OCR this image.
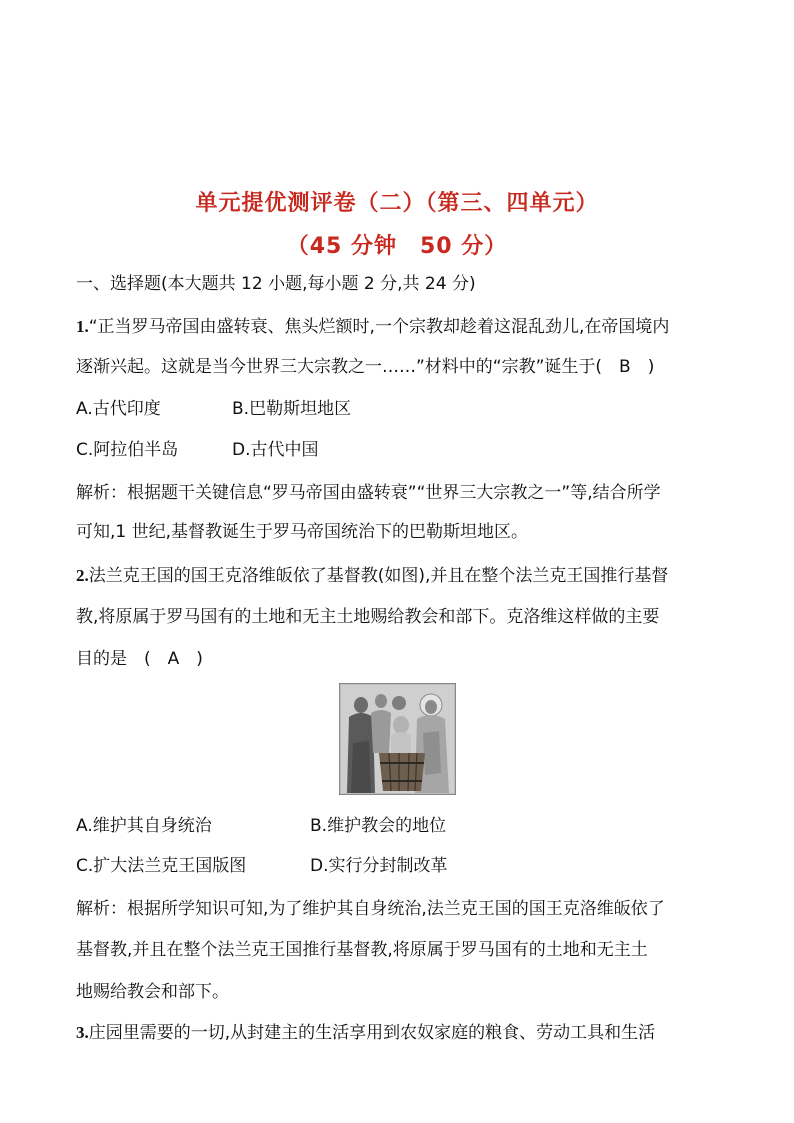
单元提优测评卷（二）（第三、四单元）
（45 分钟　50 分）
一、选择题(本大题共 12 小题,每小题 2 分,共 24 分)
1.“正当罗马帝国由盛转衰、焦头烂额时,一个宗教却趁着这混乱劲儿,在帝国境内
逐渐兴起。这就是当今世界三大宗教之一……”材料中的“宗教”诞生于(　B　)
A.古代印度	B.巴勒斯坦地区
C.阿拉伯半岛	D.古代中国
解析：根据题干关键信息“罗马帝国由盛转衰”“世界三大宗教之一”等,结合所学
可知,1 世纪,基督教诞生于罗马帝国统治下的巴勒斯坦地区。
2.法兰克王国的国王克洛维皈依了基督教(如图),并且在整个法兰克王国推行基督
教,将原属于罗马国有的土地和无主土地赐给教会和部下。克洛维这样做的主要
目的是　(　A　)
A.维护其自身统治	B.维护教会的地位
C.扩大法兰克王国版图	D.实行分封制改革
解析：根据所学知识可知,为了维护其自身统治,法兰克王国的国王克洛维皈依了
基督教,并且在整个法兰克王国推行基督教,将原属于罗马国有的土地和无主土
地赐给教会和部下。
3.庄园里需要的一切,从封建主的生活享用到农奴家庭的粮食、劳动工具和生活
